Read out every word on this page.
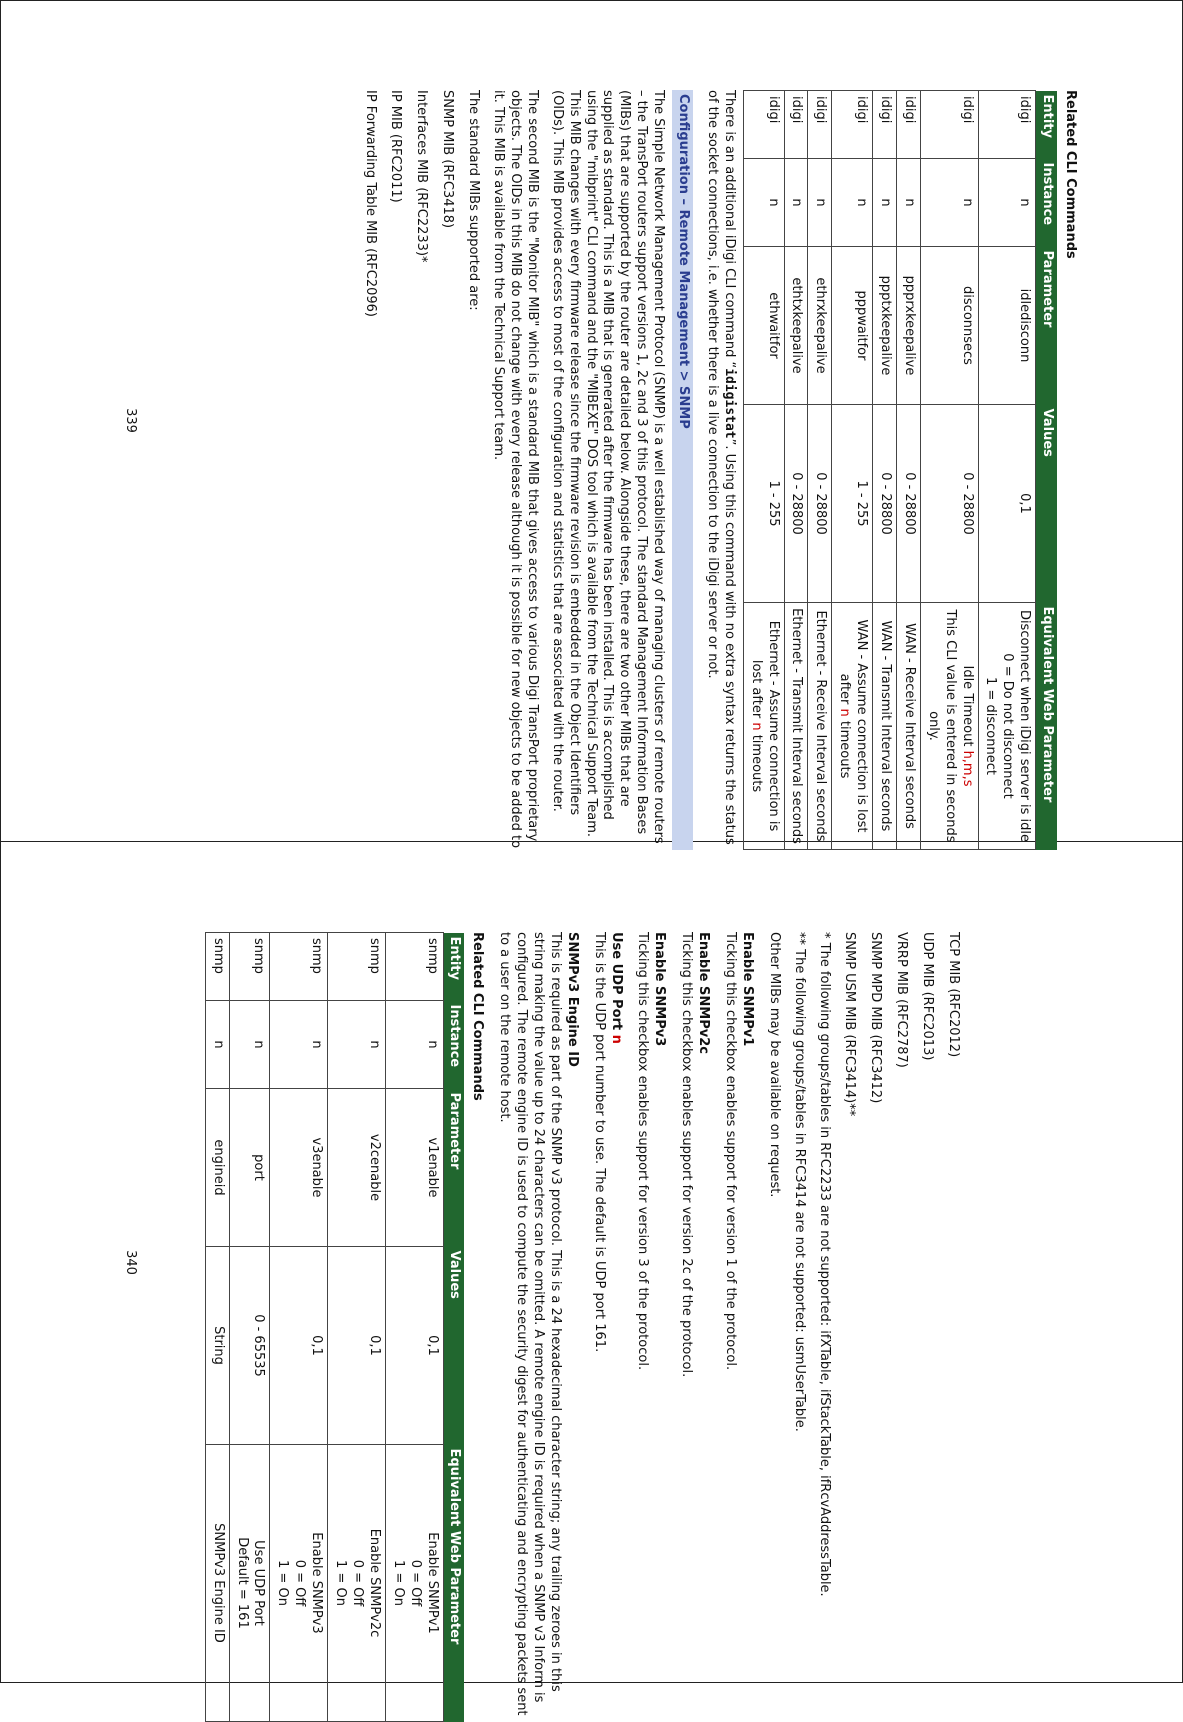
Related CLI Commands
Entity	Instance	Parameter	Values	Equivalent Web Parameter
idigi	n	idledisconn	0,1	Disconnect when iDigi server is idle
0 = Do not disconnect
1 = disconnect

idigi	n	disconnsecs	0 - 28800	Idle Timeout h,m,s
This CLI value is entered in seconds only.

idigi	n	ppprxkeepalive	0 - 28800	WAN - Receive Interval seconds
idigi	n	ppptxkeepalive	0 - 28800	WAN - Transmit Interval seconds
idigi	n	pppwaitfor	1 - 255	WAN - Assume connection is lost after n timeouts
idigi	n	ethrxkeepalive	0 - 28800	Ethernet - Receive Interval seconds
idigi	n	ethtxkeepalive	0 - 28800	Ethernet - Transmit Interval seconds
idigi	n	ethwaitfor	1 - 255	Ethernet - Assume connection is lost after n timeouts

There is an additional iDigi CLI command “idigistat”. Using this command with no extra syntax returns the status of the socket connections, i.e. whether there is a live connection to the iDigi server or not.

Configuration – Remote Management > SNMP

The Simple Network Management Protocol (SNMP) is a well established way of managing clusters of remote routers – the TransPort routers support versions 1, 2c and 3 of this protocol. The standard Management Information Bases (MIBs) that are supported by the router are detailed below. Alongside these, there are two other MIBs that are supplied as standard. This is a MIB that is generated after the firmware has been installed. This is accomplished using the "mibprint" CLI command and the "MIBEXE" DOS tool which is available from the Technical Support Team. This MIB changes with every firmware release since the firmware revision is embedded in the Object Identifiers (OIDs). This MIB provides access to most of the configuration and statistics that are associated with the router.

The second MIB is the "Monitor MIB" which is a standard MIB that gives access to various Digi TransPort proprietary objects. The OIDs in this MIB do not change with every release although it is possible for new objects to be added to it. This MIB is available from the Technical Support team.

The standard MIBs supported are:

SNMP MIB (RFC3418)

Interfaces MIB (RFC2233)*

IP MIB (RFC2011)

IP Forwarding Table MIB (RFC2096)

339

TCP MIB (RFC2012)

UDP MIB (RFC2013)

VRRP MIB (RFC2787)

SNMP MPD MIB (RFC3412)

SNMP USM MIB (RFC3414)**

* The following groups/tables in RFC2233 are not supported: ifXTable, ifStackTable, ifRcvAddressTable.

** The following groups/tables in RFC3414 are not supported: usmUserTable.

Other MIBs may be available on request.

Enable SNMPv1

Ticking this checkbox enables support for version 1 of the protocol.

Enable SNMPv2c

Ticking this checkbox enables support for version 2c of the protocol.

Enable SNMPv3

Ticking this checkbox enables support for version 3 of the protocol.

Use UDP Port n

This is the UDP port number to use. The default is UDP port 161.

SNMPv3 Engine ID

This is required as part of the SNMP v3 protocol. This is a 24 hexadecimal character string; any trailing zeroes in this string making the value up to 24 characters can be omitted. A remote engine ID is required when a SNMP v3 Inform is configured. The remote engine ID is used to compute the security digest for authenticating and encrypting packets sent to a user on the remote host.

Related CLI Commands
Entity	Instance	Parameter	Values	Equivalent Web Parameter
snmp	n	v1enable	0,1	Enable SNMPv1
0 = Off
1 = On

snmp	n	v2cenable	0,1	Enable SNMPv2c
0 = Off
1 = On

snmp	n	v3enable	0,1	Enable SNMPv3
0 = Off
1 = On

snmp	n	port	0 - 65535	Use UDP Port
Default = 161

snmp	n	engineid	String	SNMPv3 Engine ID
340
